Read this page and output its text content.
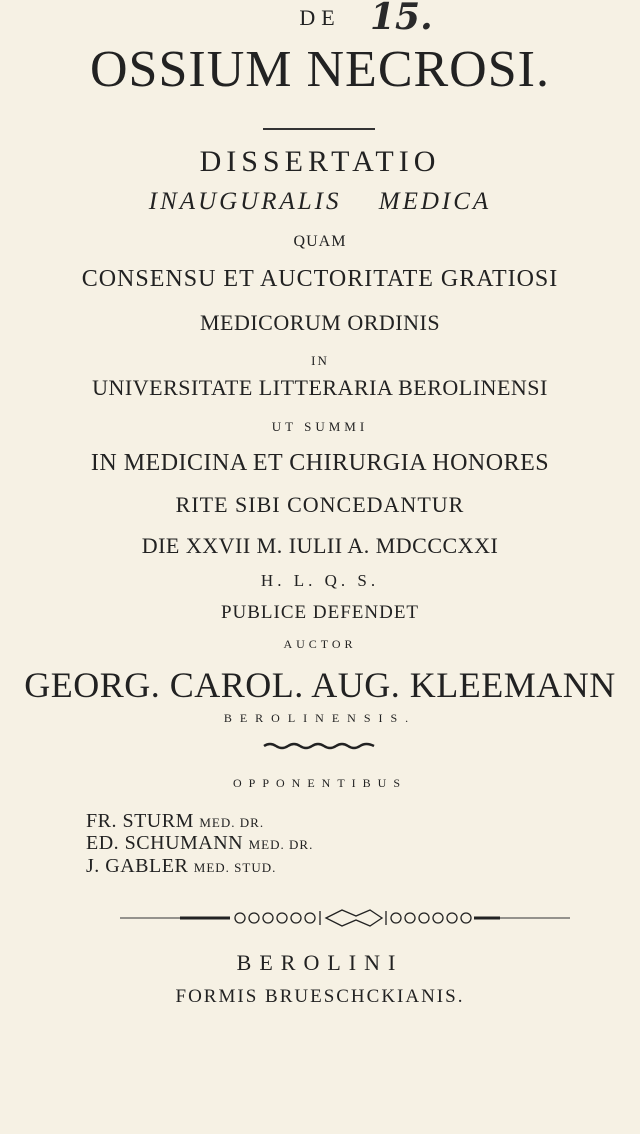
DE 15.
OSSIUM NECROSI.
DISSERTATIO
INAUGURALIS MEDICA
QUAM
CONSENSU ET AUCTORITATE GRATIOSI
MEDICORUM ORDINIS
IN
UNIVERSITATE LITTERARIA BEROLINENSI
UT SUMMI
IN MEDICINA ET CHIRURGIA HONORES
RITE SIBI CONCEDANTUR
DIE XXVII M. IULII A. MDCCCXXI
H. L. Q. S.
PUBLICE DEFENDET
AUCTOR
GEORG. CAROL. AUG. KLEEMANN
BEROLINENSIS.
OPPONENTIBUS
FR. STURM MED. DR.
ED. SCHUMANN MED. DR.
J. GABLER MED. STUD.
BEROLINI
FORMIS BRUESCHCKIANIS.
